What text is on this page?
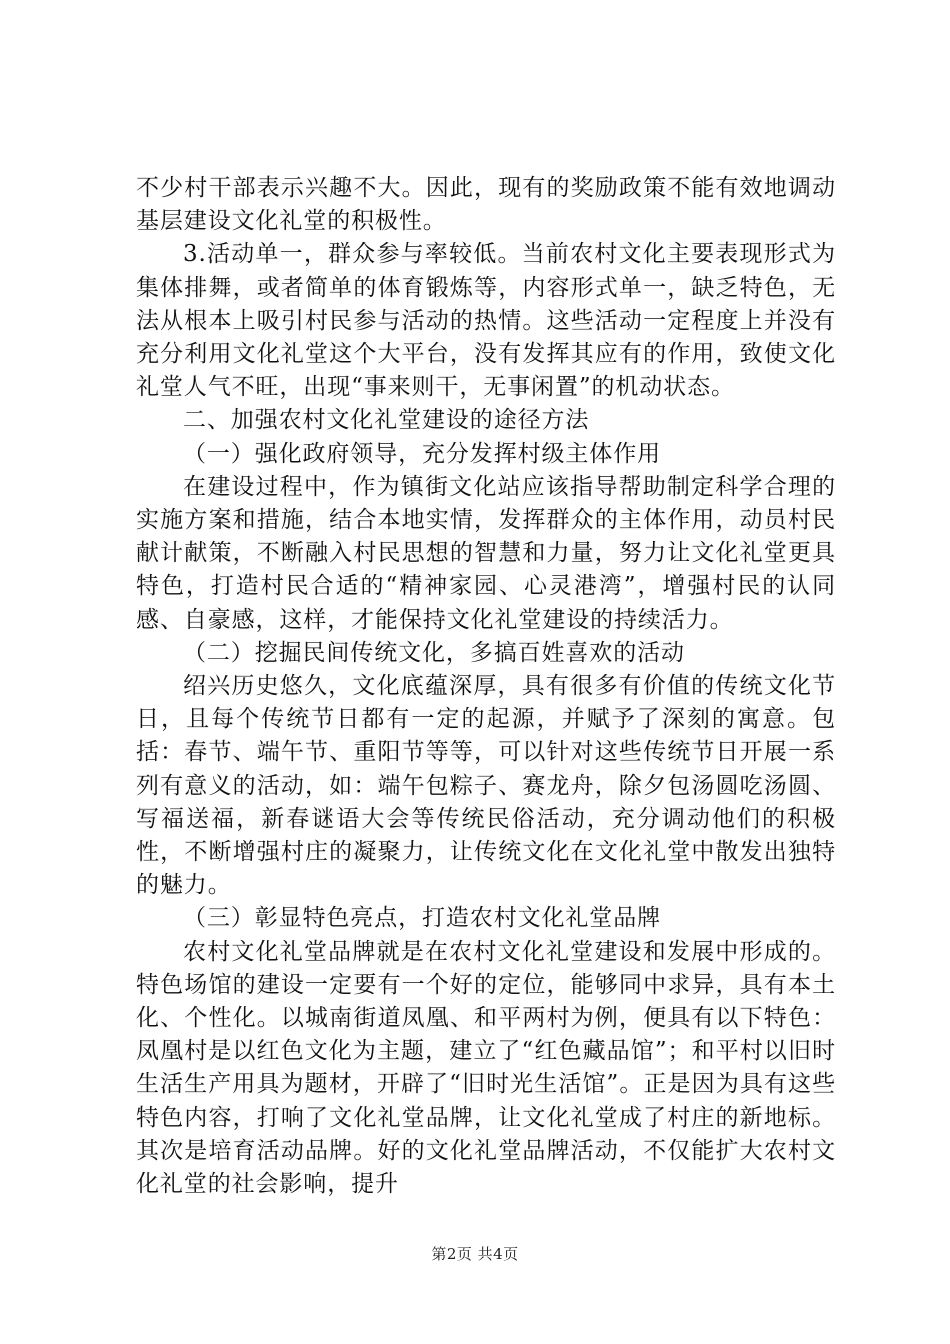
不少村干部表示兴趣不大。因此，现有的奖励政策不能有效地调动基层建设文化礼堂的积极性。

3.活动单一，群众参与率较低。当前农村文化主要表现形式为集体排舞，或者简单的体育锻炼等，内容形式单一，缺乏特色，无法从根本上吸引村民参与活动的热情。这些活动一定程度上并没有充分利用文化礼堂这个大平台，没有发挥其应有的作用，致使文化礼堂人气不旺，出现“事来则干，无事闲置”的机动状态。

二、加强农村文化礼堂建设的途径方法

（一）强化政府领导，充分发挥村级主体作用

在建设过程中，作为镇街文化站应该指导帮助制定科学合理的实施方案和措施，结合本地实情，发挥群众的主体作用，动员村民献计献策，不断融入村民思想的智慧和力量，努力让文化礼堂更具特色，打造村民合适的“精神家园、心灵港湾”，增强村民的认同感、自豪感，这样，才能保持文化礼堂建设的持续活力。

（二）挖掘民间传统文化，多搞百姓喜欢的活动

绍兴历史悠久，文化底蕴深厚，具有很多有价值的传统文化节日，且每个传统节日都有一定的起源，并赋予了深刻的寓意。包括：春节、端午节、重阳节等等，可以针对这些传统节日开展一系列有意义的活动，如：端午包粽子、赛龙舟，除夕包汤圆吃汤圆、写福送福，新春谜语大会等传统民俗活动，充分调动他们的积极性，不断增强村庄的凝聚力，让传统文化在文化礼堂中散发出独特的魅力。

（三）彰显特色亮点，打造农村文化礼堂品牌

农村文化礼堂品牌就是在农村文化礼堂建设和发展中形成的。特色场馆的建设一定要有一个好的定位，能够同中求异，具有本土化、个性化。以城南街道凤凰、和平两村为例，便具有以下特色：凤凰村是以红色文化为主题，建立了“红色藏品馆”；和平村以旧时生活生产用具为题材，开辟了“旧时光生活馆”。正是因为具有这些特色内容，打响了文化礼堂品牌，让文化礼堂成了村庄的新地标。其次是培育活动品牌。好的文化礼堂品牌活动，不仅能扩大农村文化礼堂的社会影响，提升

第2页 共4页
